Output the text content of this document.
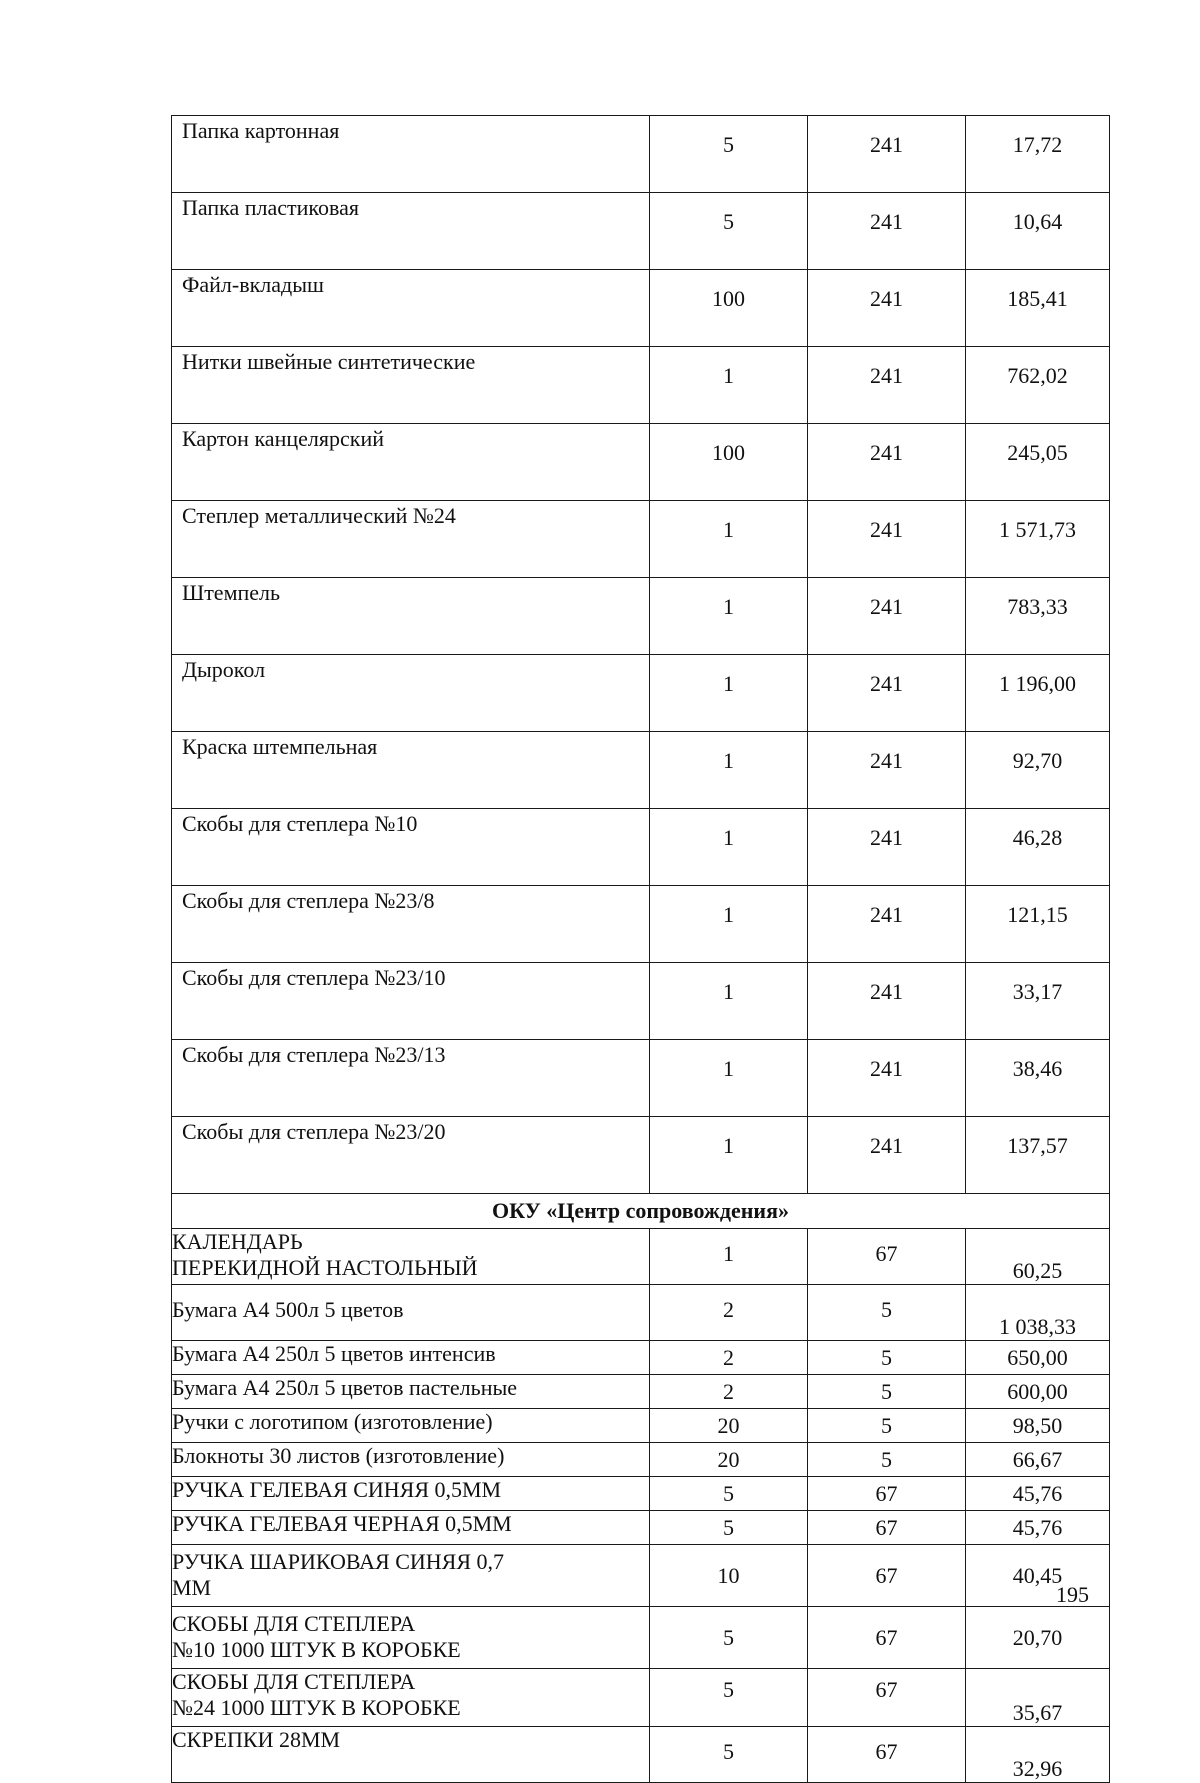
Папка картонная	5	241	17,72
Папка пластиковая	5	241	10,64
Файл-вкладыш	100	241	185,41
Нитки швейные синтетические	1	241	762,02
Картон канцелярский	100	241	245,05
Степлер металлический №24	1	241	1 571,73
Штемпель	1	241	783,33
Дырокол	1	241	1 196,00
Краска штемпельная	1	241	92,70
Скобы для степлера №10	1	241	46,28
Скобы для степлера №23/8	1	241	121,15
Скобы для степлера №23/10	1	241	33,17
Скобы для степлера №23/13	1	241	38,46
Скобы для степлера №23/20	1	241	137,57
ОКУ «Центр сопровождения»			

КАЛЕНДАРЬ
ПЕРЕКИДНОЙ НАСТОЛЬНЫЙ	1	67	60,25
Бумага А4 500л 5 цветов	2	5	1 038,33
Бумага А4 250л 5 цветов интенсив	2	5	650,00
Бумага А4 250л 5 цветов пастельные	2	5	600,00
Ручки с логотипом (изготовление)	20	5	98,50
Блокноты 30 листов (изготовление)	20	5	66,67
РУЧКА ГЕЛЕВАЯ СИНЯЯ 0,5ММ	5	67	45,76
РУЧКА ГЕЛЕВАЯ ЧЕРНАЯ 0,5ММ	5	67	45,76

РУЧКА ШАРИКОВАЯ СИНЯЯ 0,7
ММ	10	67	40,45

СКОБЫ ДЛЯ СТЕПЛЕРА
№10 1000 ШТУК В КОРОБКЕ	5	67	20,70

СКОБЫ ДЛЯ СТЕПЛЕРА
№24 1000 ШТУК В КОРОБКЕ	5	67	35,67
СКРЕПКИ 28ММ	5	67	32,96
195
